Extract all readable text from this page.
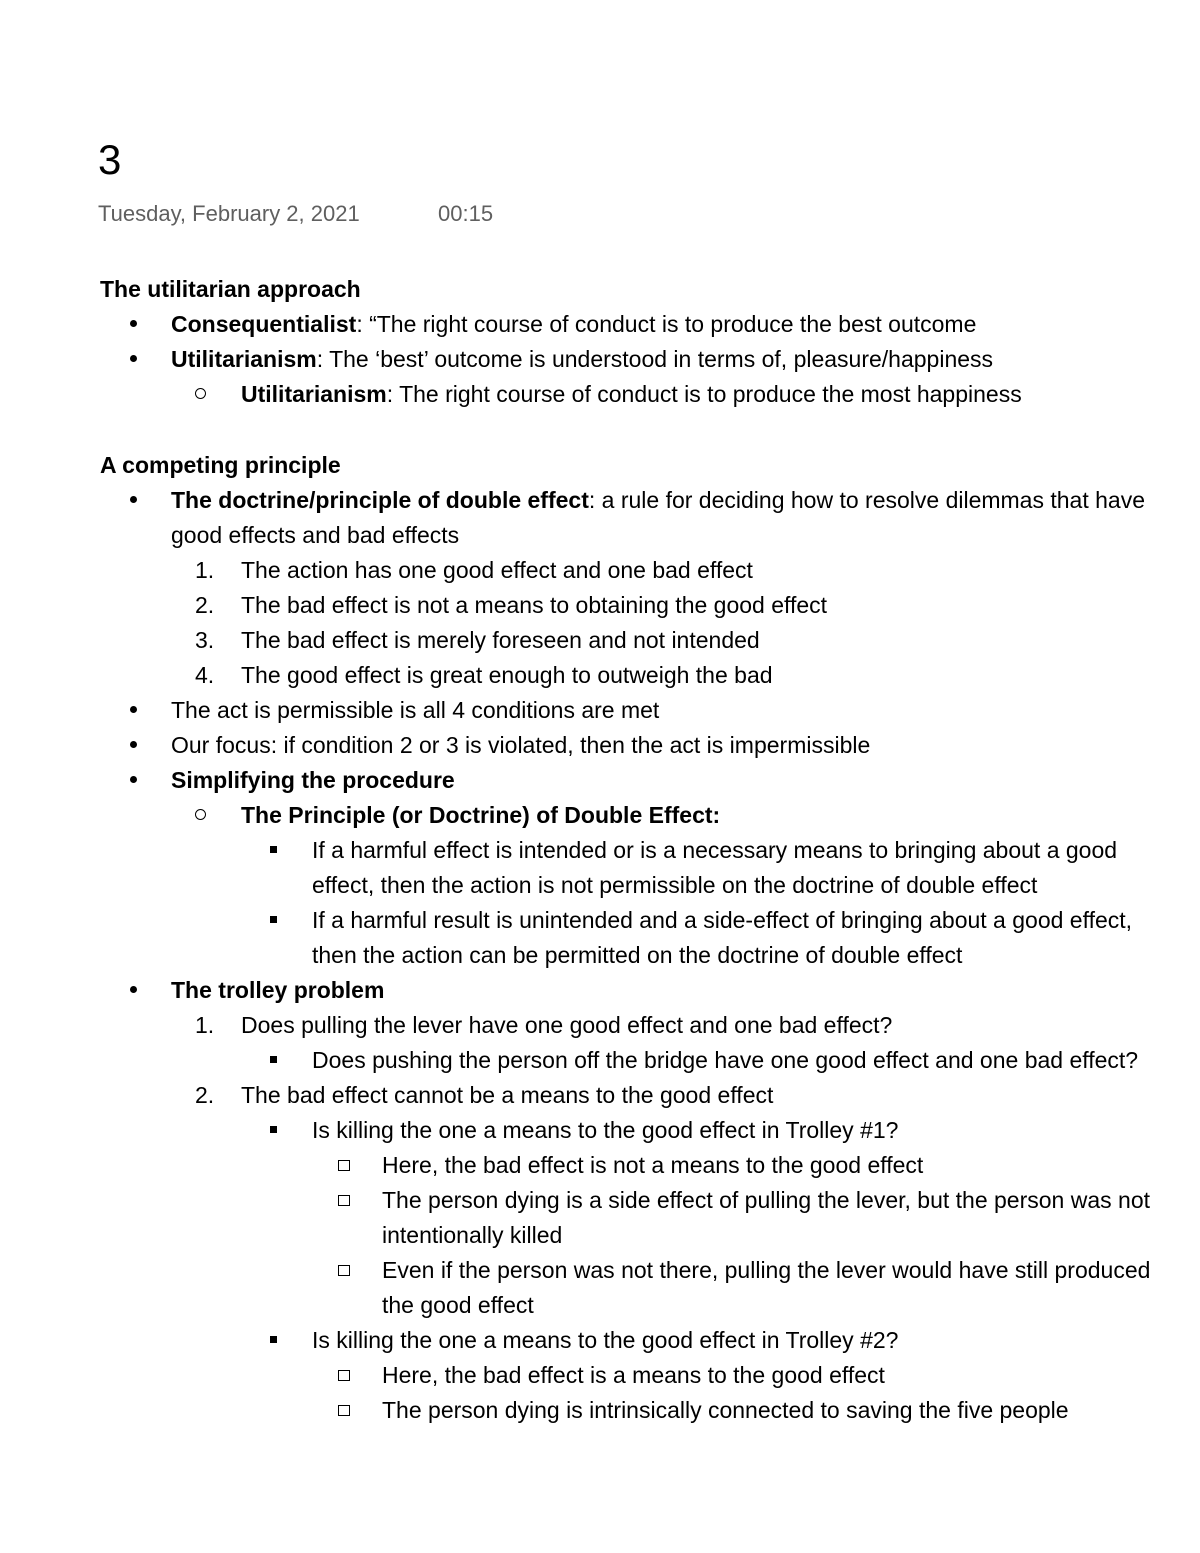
3
Tuesday, February 2, 2021	00:15
The utilitarian approach
Consequentialist: “The right course of conduct is to produce the best outcome
Utilitarianism: The ‘best’ outcome is understood in terms of, pleasure/happiness
Utilitarianism: The right course of conduct is to produce the most happiness
A competing principle
The doctrine/principle of double effect: a rule for deciding how to resolve dilemmas that have
good effects and bad effects
1. The action has one good effect and one bad effect
2. The bad effect is not a means to obtaining the good effect
3. The bad effect is merely foreseen and not intended
4. The good effect is great enough to outweigh the bad
The act is permissible is all 4 conditions are met
Our focus: if condition 2 or 3 is violated, then the act is impermissible
Simplifying the procedure
The Principle (or Doctrine) of Double Effect:
If a harmful effect is intended or is a necessary means to bringing about a good
effect, then the action is not permissible on the doctrine of double effect
If a harmful result is unintended and a side-effect of bringing about a good effect,
then the action can be permitted on the doctrine of double effect
The trolley problem
1. Does pulling the lever have one good effect and one bad effect?
Does pushing the person off the bridge have one good effect and one bad effect?
2. The bad effect cannot be a means to the good effect
Is killing the one a means to the good effect in Trolley #1?
Here, the bad effect is not a means to the good effect
The person dying is a side effect of pulling the lever, but the person was not
intentionally killed
Even if the person was not there, pulling the lever would have still produced
the good effect
Is killing the one a means to the good effect in Trolley #2?
Here, the bad effect is a means to the good effect
The person dying is intrinsically connected to saving the five people
